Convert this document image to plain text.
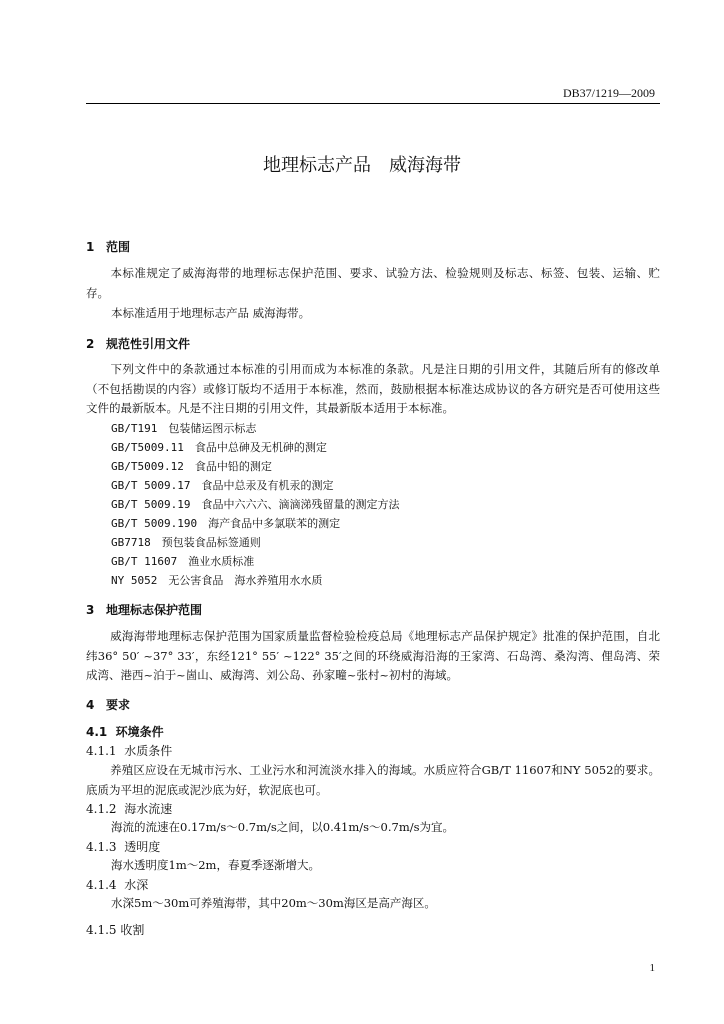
DB37/1219—2009
地理标志产品 威海海带
1 范围
本标准规定了威海海带的地理标志保护范围、要求、试验方法、检验规则及标志、标签、包装、运输、贮存。
本标准适用于地理标志产品 威海海带。
2 规范性引用文件
下列文件中的条款通过本标准的引用而成为本标准的条款。凡是注日期的引用文件，其随后所有的修改单（不包括勘误的内容）或修订版均不适用于本标准，然而，鼓励根据本标准达成协议的各方研究是否可使用这些文件的最新版本。凡是不注日期的引用文件，其最新版本适用于本标准。
GB/T191　包装储运图示标志
GB/T5009.11　食品中总砷及无机砷的测定
GB/T5009.12　食品中铅的测定
GB/T 5009.17　食品中总汞及有机汞的测定
GB/T 5009.19　食品中六六六、滴滴涕残留量的测定方法
GB/T 5009.190　海产食品中多氯联苯的测定
GB7718　预包装食品标签通则
GB/T 11607　渔业水质标准
NY 5052　无公害食品　海水养殖用水水质
3 地理标志保护范围
威海海带地理标志保护范围为国家质量监督检验检疫总局《地理标志产品保护规定》批准的保护范围，自北纬36° 50′ ~37° 33′，东经121° 55′ ~122° 35′之间的环绕威海沿海的王家湾、石岛湾、桑沟湾、俚岛湾、荣成湾、港西~泊于~崮山、威海湾、刘公岛、孙家疃~张村~初村的海域。
4 要求
4.1 环境条件
4.1.1 水质条件
养殖区应设在无城市污水、工业污水和河流淡水排入的海域。水质应符合GB/T 11607和NY 5052的要求。底质为平坦的泥底或泥沙底为好，软泥底也可。
4.1.2 海水流速
海流的流速在0.17m/s～0.7m/s之间，以0.41m/s～0.7m/s为宜。
4.1.3 透明度
海水透明度1m～2m，春夏季逐渐增大。
4.1.4 水深
水深5m～30m可养殖海带，其中20m～30m海区是高产海区。
4.1.5 收割
1
